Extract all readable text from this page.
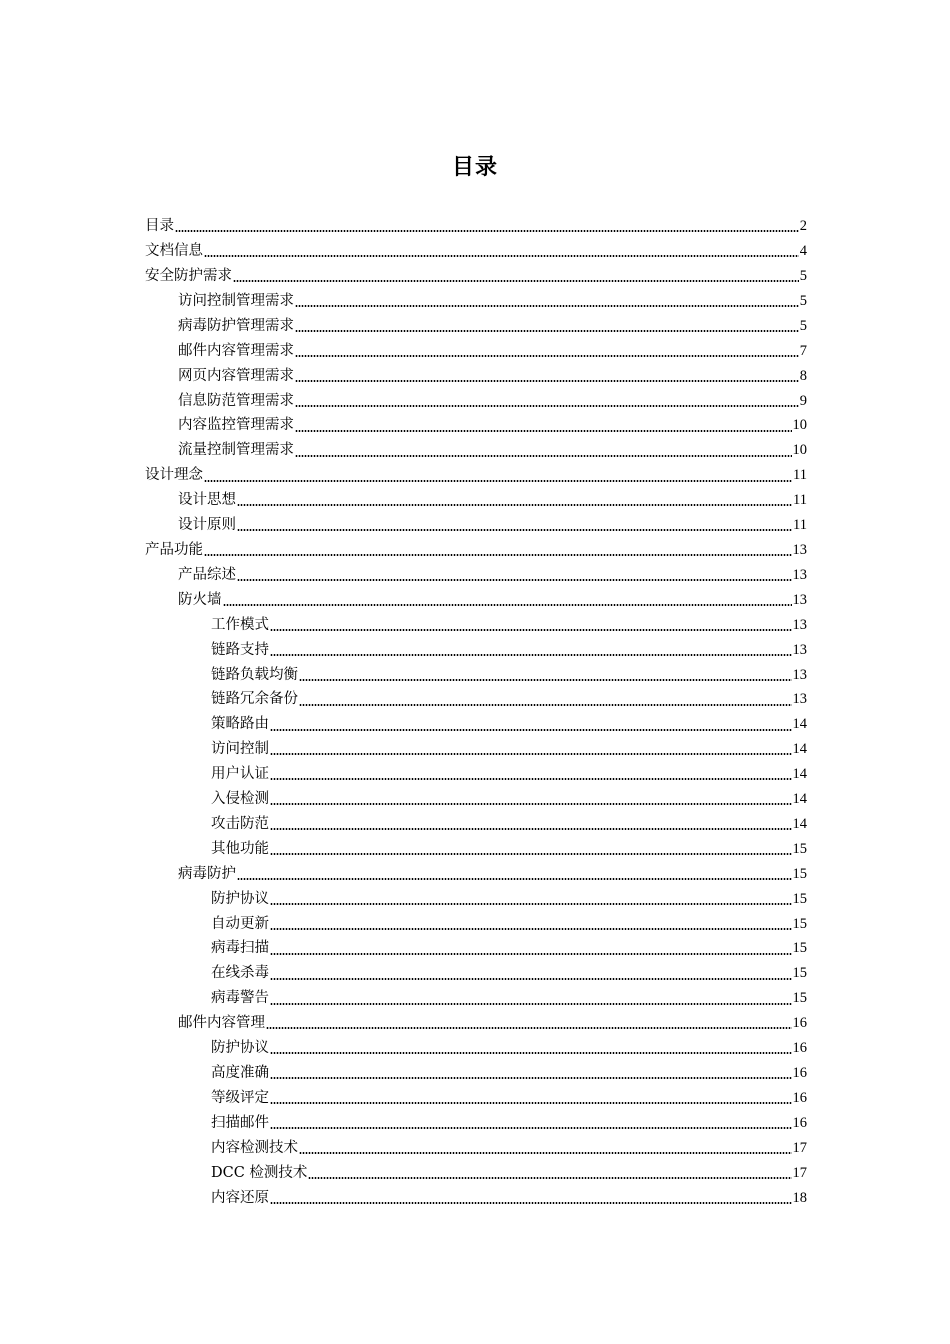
目录
目录	2
文档信息	4
安全防护需求	5
访问控制管理需求	5
病毒防护管理需求	5
邮件内容管理需求	7
网页内容管理需求	8
信息防范管理需求	9
内容监控管理需求	10
流量控制管理需求	10
设计理念	11
设计思想	11
设计原则	11
产品功能	13
产品综述	13
防火墙	13
工作模式	13
链路支持	13
链路负载均衡	13
链路冗余备份	13
策略路由	14
访问控制	14
用户认证	14
入侵检测	14
攻击防范	14
其他功能	15
病毒防护	15
防护协议	15
自动更新	15
病毒扫描	15
在线杀毒	15
病毒警告	15
邮件内容管理	16
防护协议	16
高度准确	16
等级评定	16
扫描邮件	16
内容检测技术	17
DCC 检测技术	17
内容还原	18
